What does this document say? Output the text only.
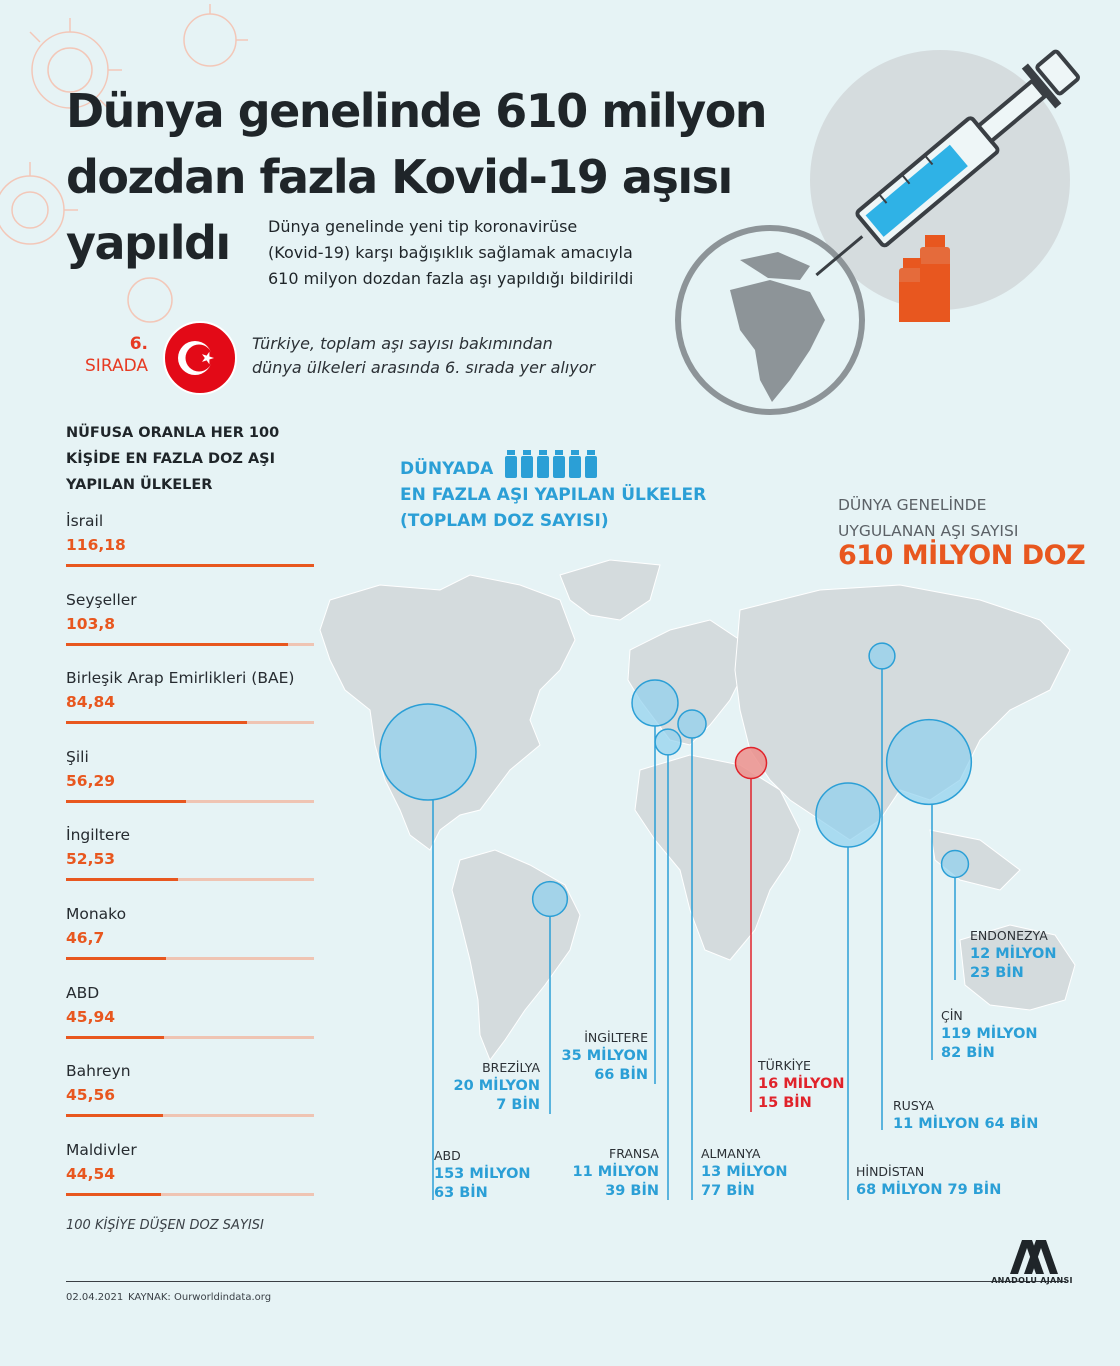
Dünya genelinde 610 milyon
dozdan fazla Kovid-19 aşısı
yapıldı	Dünya genelinde yeni tip koronavirüse
(Kovid-19) karşı bağışıklık sağlamak amacıyla
610 milyon dozdan fazla aşı yapıldığı bildirildi

6.
SIRADA

Türkiye, toplam aşı sayısı bakımından
dünya ülkeleri arasında 6. sırada yer alıyor

NÜFUSA ORANLA HER 100
KİŞİDE EN FAZLA DOZ AŞI
YAPILAN ÜLKELER
İsrail
116,18
Seyşeller
103,8
Birleşik Arap Emirlikleri (BAE)
84,84
Şili
56,29
İngiltere
52,53
Monako
46,7
ABD
45,94
Bahreyn
45,56
Maldivler
44,54
100 KİŞİYE DÜŞEN DOZ SAYISI
DÜNYADA
EN FAZLA AŞI YAPILAN ÜLKELER
(TOPLAM DOZ SAYISI)

DÜNYA GENELİNDE
UYGULANAN AŞI SAYISI

610 MİLYON DOZ
ABD
153 MİLYON
63 BİN
ÇİN
119 MİLYON
82 BİN
HİNDİSTAN
68 MİLYON 79 BİN
İNGİLTERE
35 MİLYON
66 BİN
BREZİLYA
20 MİLYON
7 BİN
TÜRKİYE
16 MİLYON
15 BİN
ALMANYA
13 MİLYON
77 BİN
ENDONEZYA
12 MİLYON
23 BİN
FRANSA
11 MİLYON
39 BİN
RUSYA
11 MİLYON 64 BİN
02.04.2021 KAYNAK: Ourworldindata.org
ANADOLU AJANSI
